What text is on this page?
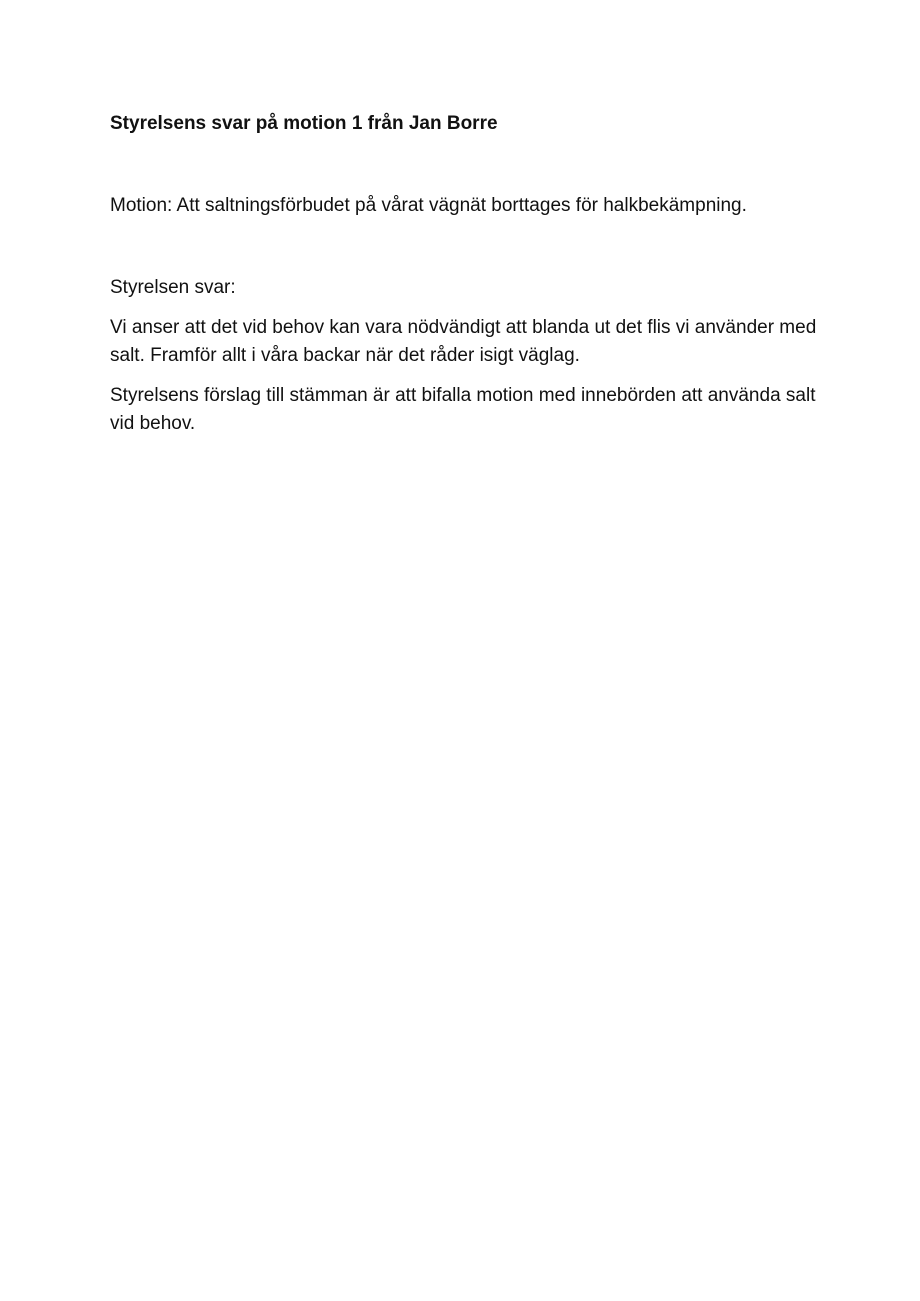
Styrelsens svar på motion 1 från Jan Borre

Motion: Att saltningsförbudet på vårat vägnät borttages för halkbekämpning.

Styrelsen svar:

Vi anser att det vid behov kan vara nödvändigt att blanda ut det flis vi använder med salt. Framför allt i våra backar när det råder isigt väglag.

Styrelsens förslag till stämman är att bifalla motion med innebörden att använda salt vid behov.
